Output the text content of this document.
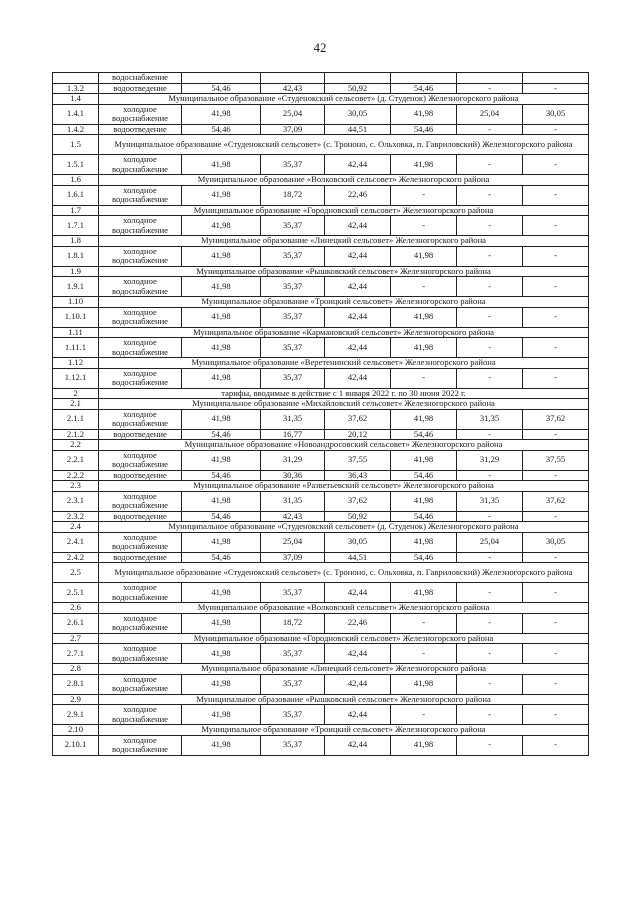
42
	водоснабжение						
1.3.2	водоотведение	54,46	42,43	50,92	54,46	-	-
1.4	Муниципальное образование «Студенокский сельсовет» (д. Студенок) Железногорского района						
1.4.1	холодное водоснабжение	41,98	25,04	30,05	41,98	25,04	30,05
1.4.2	водоотведение	54,46	37,09	44,51	54,46	-	-
1.5	Муниципальное образование «Студенокский сельсовет» (с. Трононо, с. Ольховка, п. Гавриловский) Железногорского района						
1.5.1	холодное водоснабжение	41,98	35,37	42,44	41,98	-	-
1.6	Муниципальное образование «Волковский сельсовет» Железногорского района						
1.6.1	холодное водоснабжение	41,98	18,72	22,46	-	-	-
1.7	Муниципальное образование «Городновский сельсовет» Железногорского района						
1.7.1	холодное водоснабжение	41,98	35,37	42,44	-	-	-
1.8	Муниципальное образование «Линецкий сельсовет» Железногорского района						
1.8.1	холодное водоснабжение	41,98	35,37	42,44	41,98	-	-
1.9	Муниципальное образование «Рышковский сельсовет» Железногорского района						
1.9.1	холодное водоснабжение	41,98	35,37	42,44	-	-	-
1.10	Муниципальное образование «Троицкий сельсовет» Железногорского района						
1.10.1	холодное водоснабжение	41,98	35,37	42,44	41,98	-	-
1.11	Муниципальное образование «Кармановский сельсовет» Железногорского района						
1.11.1	холодное водоснабжение	41,98	35,37	42,44	41,98	-	-
1.12	Муниципальное образование «Веретенинский сельсовет» Железногорского района						
1.12.1	холодное водоснабжение	41,98	35,37	42,44	-	-	-
2	тарифы, вводимые в действие с 1 января 2022 г. по 30 июня 2022 г.						
2.1	Муниципальное образование «Михайловский сельсовет» Железногорского района						
2.1.1	холодное водоснабжение	41,98	31,35	37,62	41,98	31,35	37,62
2.1.2	водоотведение	54,46	16,77	20,12	54,46	-	-
2.2	Муниципальное образование «Новоандросовский сельсовет» Железногорского района						
2.2.1	холодное водоснабжение	41,98	31,29	37,55	41,98	31,29	37,55
2.2.2	водоотведение	54,46	30,36	36,43	54,46	-	-
2.3	Муниципальное образование «Разветьевский сельсовет» Железногорского района						
2.3.1	холодное водоснабжение	41,98	31,35	37,62	41,98	31,35	37,62
2.3.2	водоотведение	54,46	42,43	50,92	54,46	-	-
2.4	Муниципальное образование «Студенокский сельсовет» (д. Студенок) Железногорского района						
2.4.1	холодное водоснабжение	41,98	25,04	30,05	41,98	25,04	30,05
2.4.2	водоотведение	54,46	37,09	44,51	54,46	-	-
2.5	Муниципальное образование «Студенокский сельсовет» (с. Трононо, с. Ольховка, п. Гавриловский) Железногорского района						
2.5.1	холодное водоснабжение	41,98	35,37	42,44	41,98	-	-
2.6	Муниципальное образование «Волковский сельсовет» Железногорского района						
2.6.1	холодное водоснабжение	41,98	18,72	22,46	-	-	-
2.7	Муниципальное образование «Городновский сельсовет» Железногорского района						
2.7.1	холодное водоснабжение	41,98	35,37	42,44	-	-	-
2.8	Муниципальное образование «Линецкий сельсовет» Железногорского района						
2.8.1	холодное водоснабжение	41,98	35,37	42,44	41,98	-	-
2.9	Муниципальное образование «Рышковский сельсовет» Железногорского района						
2.9.1	холодное водоснабжение	41,98	35,37	42,44	-	-	-
2.10	Муниципальное образование «Троицкий сельсовет» Железногорского района						
2.10.1	холодное водоснабжение	41,98	35,37	42,44	41,98	-	-
